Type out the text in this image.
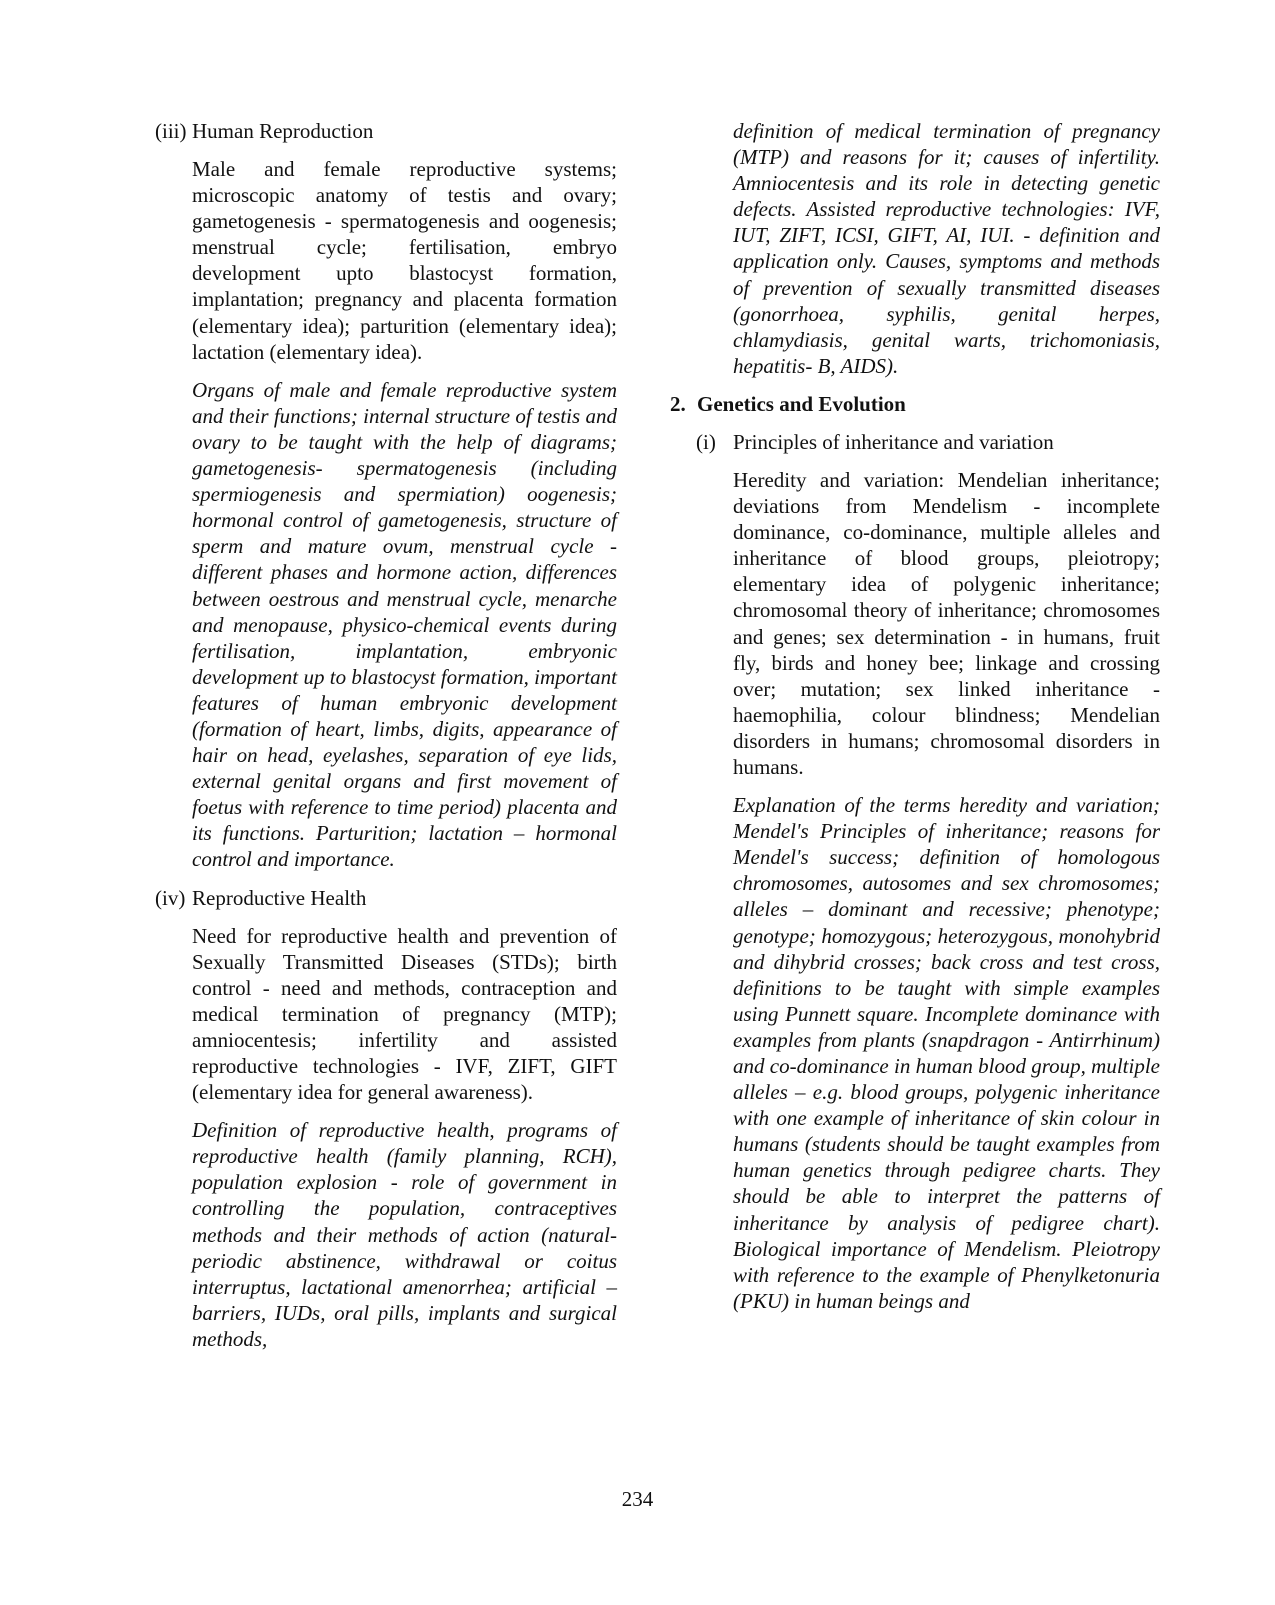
(iii) Human Reproduction

Male and female reproductive systems; microscopic anatomy of testis and ovary; gametogenesis - spermatogenesis and oogenesis; menstrual cycle; fertilisation, embryo development upto blastocyst formation, implantation; pregnancy and placenta formation (elementary idea); parturition (elementary idea); lactation (elementary idea).

Organs of male and female reproductive system and their functions; internal structure of testis and ovary to be taught with the help of diagrams; gametogenesis- spermatogenesis (including spermiogenesis and spermiation) oogenesis; hormonal control of gametogenesis, structure of sperm and mature ovum, menstrual cycle - different phases and hormone action, differences between oestrous and menstrual cycle, menarche and menopause, physico-chemical events during fertilisation, implantation, embryonic development up to blastocyst formation, important features of human embryonic development (formation of heart, limbs, digits, appearance of hair on head, eyelashes, separation of eye lids, external genital organs and first movement of foetus with reference to time period) placenta and its functions. Parturition; lactation – hormonal control and importance.

(iv) Reproductive Health

Need for reproductive health and prevention of Sexually Transmitted Diseases (STDs); birth control - need and methods, contraception and medical termination of pregnancy (MTP); amniocentesis; infertility and assisted reproductive technologies - IVF, ZIFT, GIFT (elementary idea for general awareness).

Definition of reproductive health, programs of reproductive health (family planning, RCH), population explosion - role of government in controlling the population, contraceptives methods and their methods of action (natural-periodic abstinence, withdrawal or coitus interruptus, lactational amenorrhea; artificial – barriers, IUDs, oral pills, implants and surgical methods,

definition of medical termination of pregnancy (MTP) and reasons for it; causes of infertility. Amniocentesis and its role in detecting genetic defects. Assisted reproductive technologies: IVF, IUT, ZIFT, ICSI, GIFT, AI, IUI. - definition and application only. Causes, symptoms and methods of prevention of sexually transmitted diseases (gonorrhoea, syphilis, genital herpes, chlamydiasis, genital warts, trichomoniasis, hepatitis- B, AIDS).

2. Genetics and Evolution
(i) Principles of inheritance and variation

Heredity and variation: Mendelian inheritance; deviations from Mendelism - incomplete dominance, co-dominance, multiple alleles and inheritance of blood groups, pleiotropy; elementary idea of polygenic inheritance; chromosomal theory of inheritance; chromosomes and genes; sex determination - in humans, fruit fly, birds and honey bee; linkage and crossing over; mutation; sex linked inheritance - haemophilia, colour blindness; Mendelian disorders in humans; chromosomal disorders in humans.

Explanation of the terms heredity and variation; Mendel's Principles of inheritance; reasons for Mendel's success; definition of homologous chromosomes, autosomes and sex chromosomes; alleles – dominant and recessive; phenotype; genotype; homozygous; heterozygous, monohybrid and dihybrid crosses; back cross and test cross, definitions to be taught with simple examples using Punnett square. Incomplete dominance with examples from plants (snapdragon - Antirrhinum) and co-dominance in human blood group, multiple alleles – e.g. blood groups, polygenic inheritance with one example of inheritance of skin colour in humans (students should be taught examples from human genetics through pedigree charts. They should be able to interpret the patterns of inheritance by analysis of pedigree chart). Biological importance of Mendelism. Pleiotropy with reference to the example of Phenylketonuria (PKU) in human beings and

234
